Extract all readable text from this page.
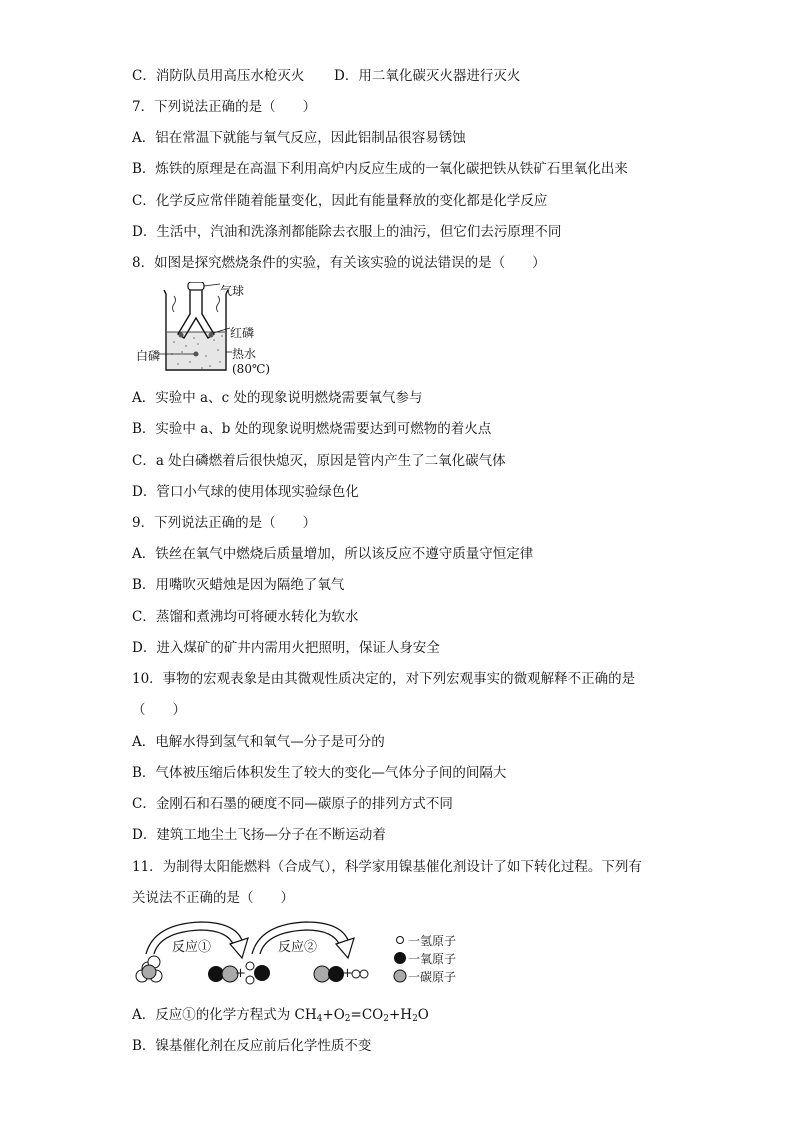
C．消防队员用高压水枪灭火 D．用二氧化碳灭火器进行灭火
7．下列说法正确的是（　　）
A．铝在常温下就能与氧气反应，因此铝制品很容易锈蚀
B．炼铁的原理是在高温下利用高炉内反应生成的一氧化碳把铁从铁矿石里氧化出来
C．化学反应常伴随着能量变化，因此有能量释放的变化都是化学反应
D．生活中，汽油和洗涤剂都能除去衣服上的油污，但它们去污原理不同
8．如图是探究燃烧条件的实验，有关该实验的说法错误的是（　　）
气球
红磷
白磷	热水(80℃)
A．实验中 a、c 处的现象说明燃烧需要氧气参与
B．实验中 a、b 处的现象说明燃烧需要达到可燃物的着火点
C．a 处白磷燃着后很快熄灭，原因是管内产生了二氧化碳气体
D．管口小气球的使用体现实验绿色化
9．下列说法正确的是（　　）
A．铁丝在氧气中燃烧后质量增加，所以该反应不遵守质量守恒定律
B．用嘴吹灭蜡烛是因为隔绝了氧气
C．蒸馏和煮沸均可将硬水转化为软水
D．进入煤矿的矿井内需用火把照明，保证人身安全
10．事物的宏观表象是由其微观性质决定的，对下列宏观事实的微观解释不正确的是
（　　）
A．电解水得到氢气和氧气—分子是可分的
B．气体被压缩后体积发生了较大的变化—气体分子间的间隔大
C．金刚石和石墨的硬度不同—碳原子的排列方式不同
D．建筑工地尘土飞扬—分子在不断运动着
11．为制得太阳能燃料（合成气），科学家用镍基催化剂设计了如下转化过程。下列有
关说法不正确的是（　　）
反应①	反应②
+	+
一氢原子
一氧原子
一碳原子
A．反应①的化学方程式为 $CH_4+O_2=CO_2+H_2O$
B．镍基催化剂在反应前后化学性质不变
